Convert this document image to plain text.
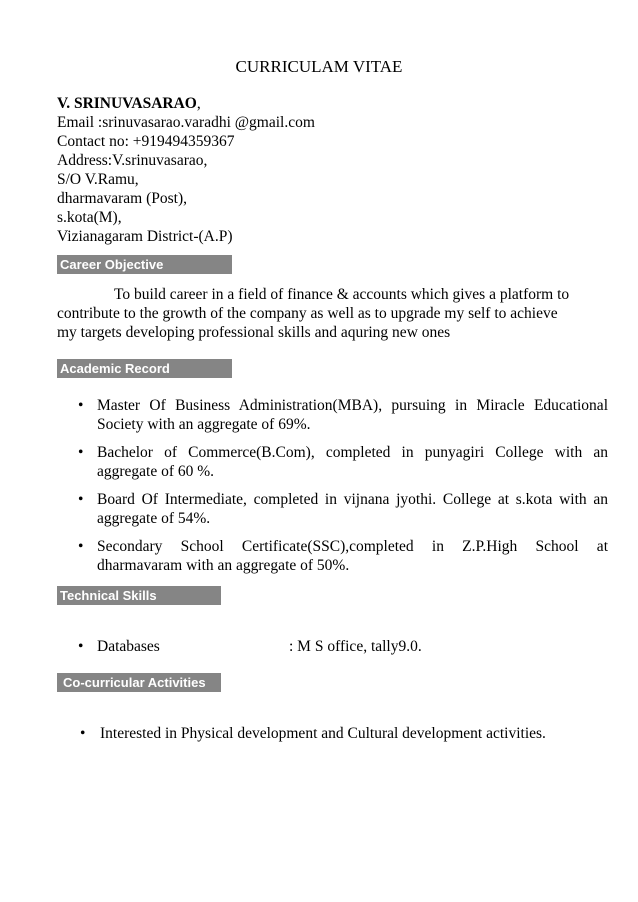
CURRICULAM VITAE
V. SRINUVASARAO,
Email :srinuvasarao.varadhi @gmail.com
Contact no: +919494359367
Address:V.srinuvasarao,
S/O V.Ramu,
dharmavaram (Post),
s.kota(M),
Vizianagaram District-(A.P)
Career Objective
To build career in a field of finance & accounts which gives a platform to contribute to the growth of the company as well as to upgrade my self to achieve my targets developing professional skills and aquring new ones
Academic Record
• Master Of Business Administration(MBA), pursuing in Miracle Educational Society with an aggregate of 69%.
• Bachelor of Commerce(B.Com), completed in punyagiri College with an aggregate of 60 %.
• Board Of Intermediate, completed in vijnana jyothi. College at s.kota with an aggregate of 54%.
• Secondary School Certificate(SSC),completed in Z.P.High School at dharmavaram with an aggregate of 50%.
Technical Skills
• Databases	: M S office, tally9.0.
Co-curricular Activities
• Interested in Physical development and Cultural development activities.
